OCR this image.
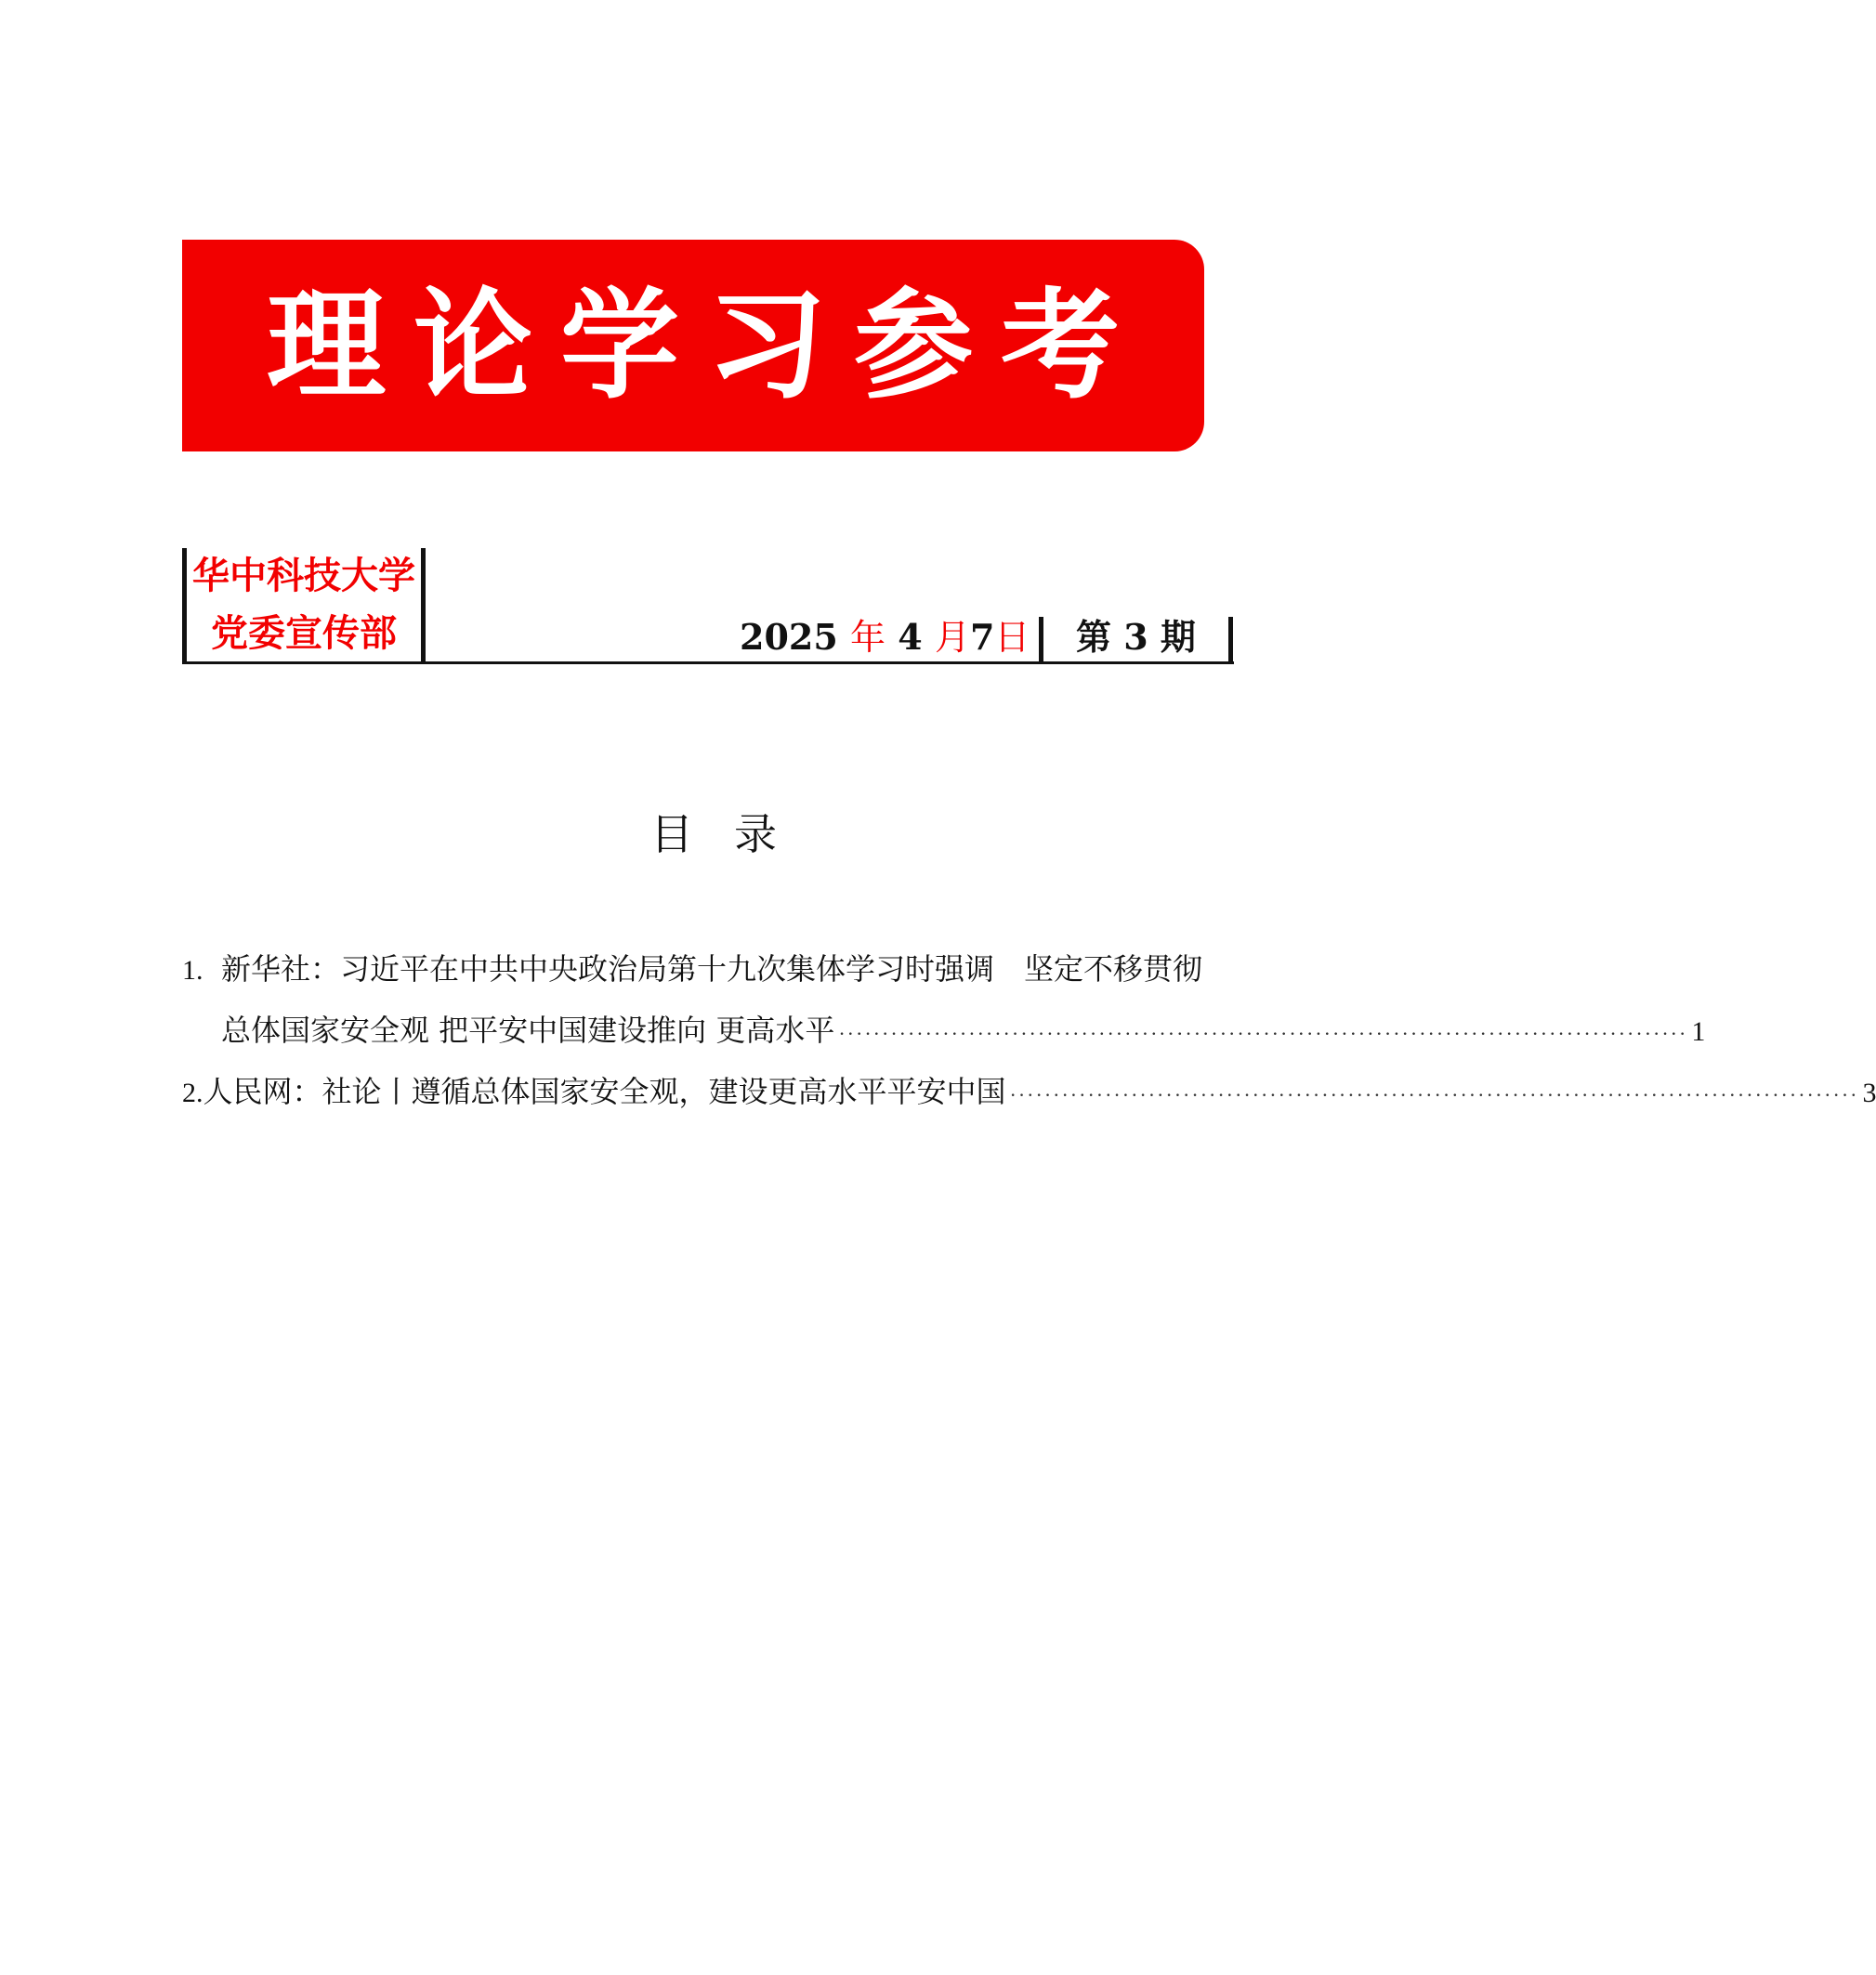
理论学习参考
华中科技大学
党委宣传部	2025 年 4 月7日 第 3 期
目录
1. 新华社：习近平在中共中央政治局第十九次集体学习时强调　坚定不移贯彻
总体国家安全观 把平安中国建设推向 更高水平 ·································································································· 1
2. 人民网：社论丨遵循总体国家安全观，建设更高水平平安中国 ·································································································· 3
